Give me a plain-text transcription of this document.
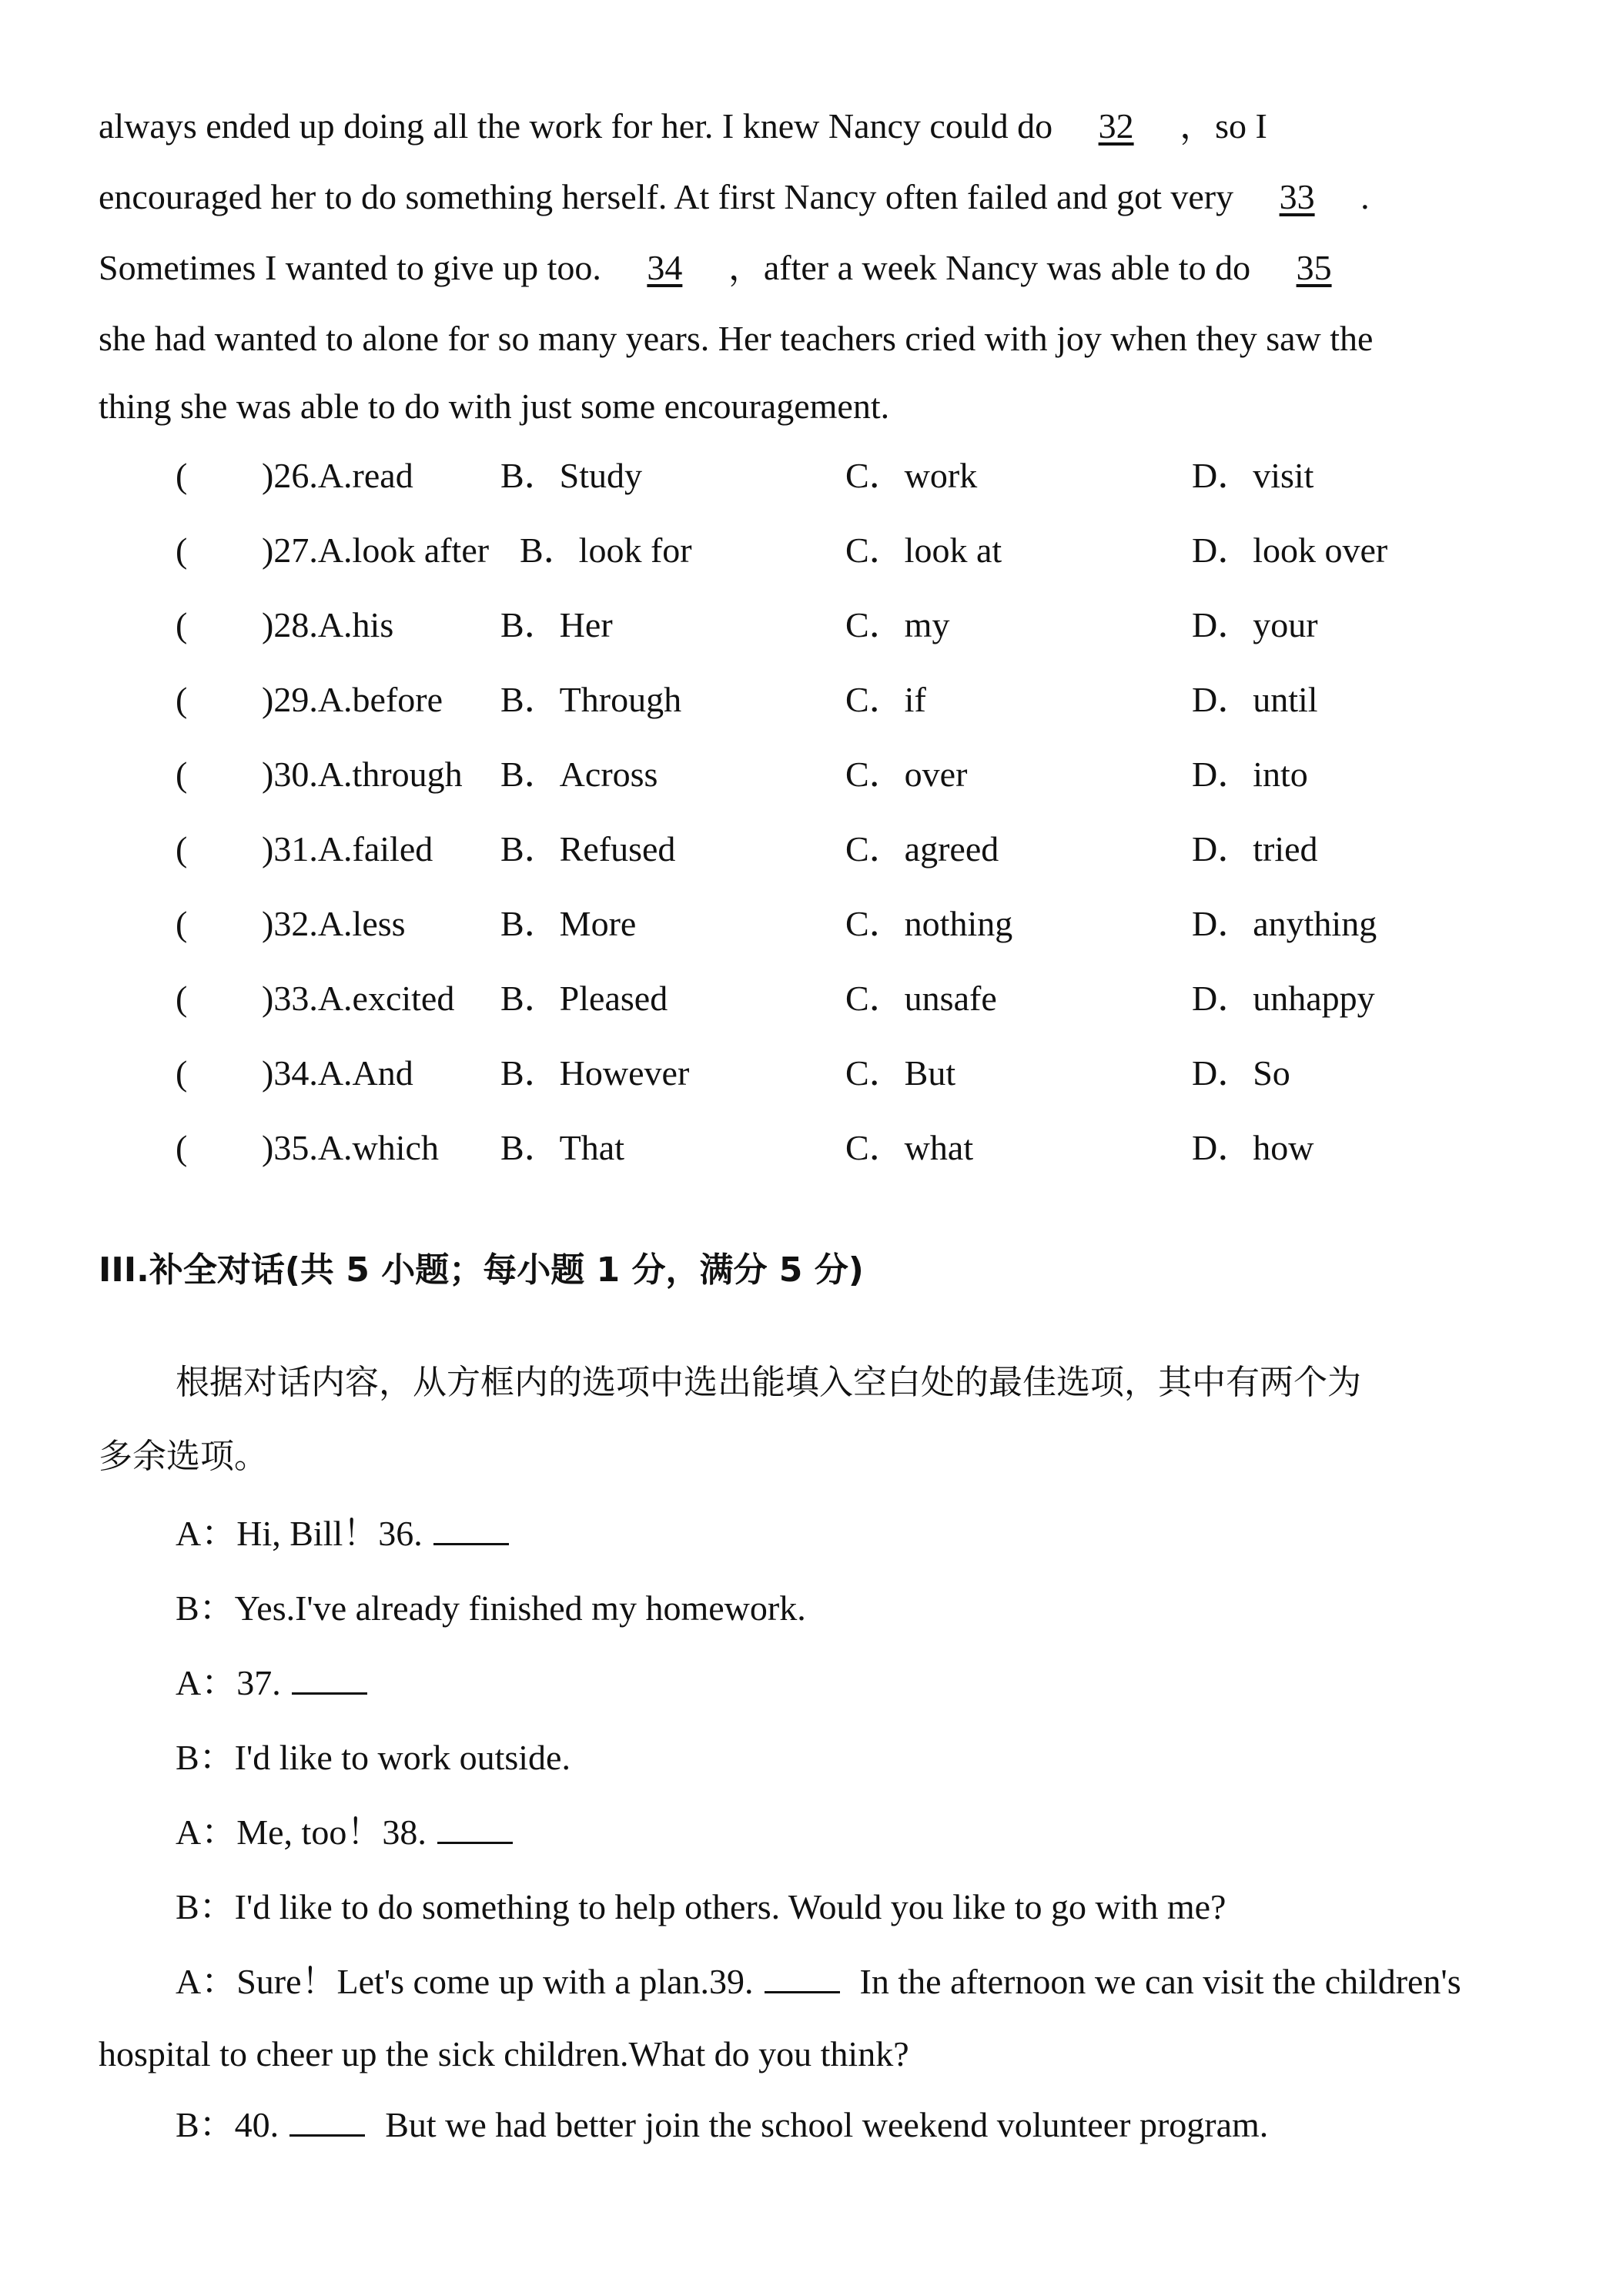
always ended up doing all the work for her. I knew Nancy could do 32 ，so I
encouraged her to do something herself. At first Nancy often failed and got very 33 .
Sometimes I wanted to give up too. 34 ，after a week Nancy was able to do 35
she had wanted to alone for so many years. Her teachers cried with joy when they saw the
thing she was able to do with just some encouragement.
( )26.A.read B．Study	C．work	D．visit
( )27.A.look after B．look for	C．look at	D．look over
( )28.A.his	B．Her	C．my	D．your
( )29.A.before B．Through	C．if	D．until
( )30.A.through B．Across	C．over	D．into
( )31.A.failed B．Refused	C．agreed	D．tried
( )32.A.less	B．More	C．nothing	D．anything
( )33.A.excited B．Pleased	C．unsafe	D．unhappy
( )34.A.And B．However	C．But	D．So
( )35.A.which B．That	C．what	D．how
III.补全对话(共 5 小题；每小题 1 分，满分 5 分)
根据对话内容，从方框内的选项中选出能填入空白处的最佳选项，其中有两个为
多余选项。
A：Hi, Bill！36.
B：Yes.I've already finished my homework.
A：37.
B：I'd like to work outside.
A：Me, too！38.
B：I'd like to do something to help others. Would you like to go with me?
A：Sure！Let's come up with a plan.39.	In the afternoon we can visit the children's
hospital to cheer up the sick children.What do you think?
B：40.	But we had better join the school weekend volunteer program.
